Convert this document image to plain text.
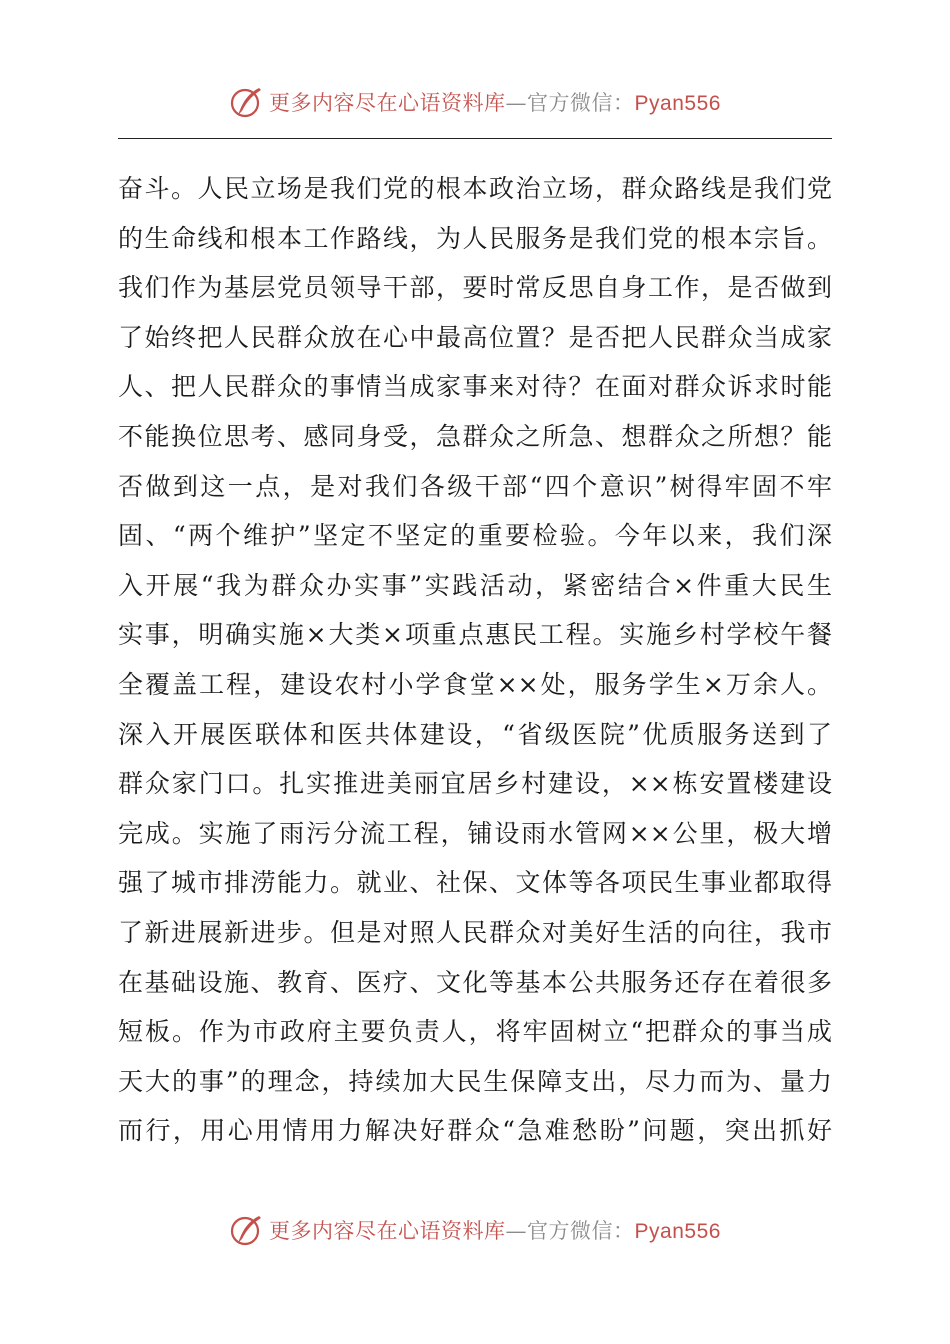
更多内容尽在心语资料库—官方微信：Pyan556
奋斗。人民立场是我们党的根本政治立场，群众路线是我们党
的生命线和根本工作路线，为人民服务是我们党的根本宗旨。
我们作为基层党员领导干部，要时常反思自身工作，是否做到
了始终把人民群众放在心中最高位置？是否把人民群众当成家
人、把人民群众的事情当成家事来对待？在面对群众诉求时能
不能换位思考、感同身受，急群众之所急、想群众之所想？能
否做到这一点，是对我们各级干部“四个意识”树得牢固不牢
固、“两个维护”坚定不坚定的重要检验。今年以来，我们深
入开展“我为群众办实事”实践活动，紧密结合×件重大民生
实事，明确实施×大类×项重点惠民工程。实施乡村学校午餐
全覆盖工程，建设农村小学食堂××处，服务学生×万余人。
深入开展医联体和医共体建设，“省级医院”优质服务送到了
群众家门口。扎实推进美丽宜居乡村建设，××栋安置楼建设
完成。实施了雨污分流工程，铺设雨水管网××公里，极大增
强了城市排涝能力。就业、社保、文体等各项民生事业都取得
了新进展新进步。但是对照人民群众对美好生活的向往，我市
在基础设施、教育、医疗、文化等基本公共服务还存在着很多
短板。作为市政府主要负责人，将牢固树立“把群众的事当成
天大的事”的理念，持续加大民生保障支出，尽力而为、量力
而行，用心用情用力解决好群众“急难愁盼”问题，突出抓好
更多内容尽在心语资料库—官方微信：Pyan556
